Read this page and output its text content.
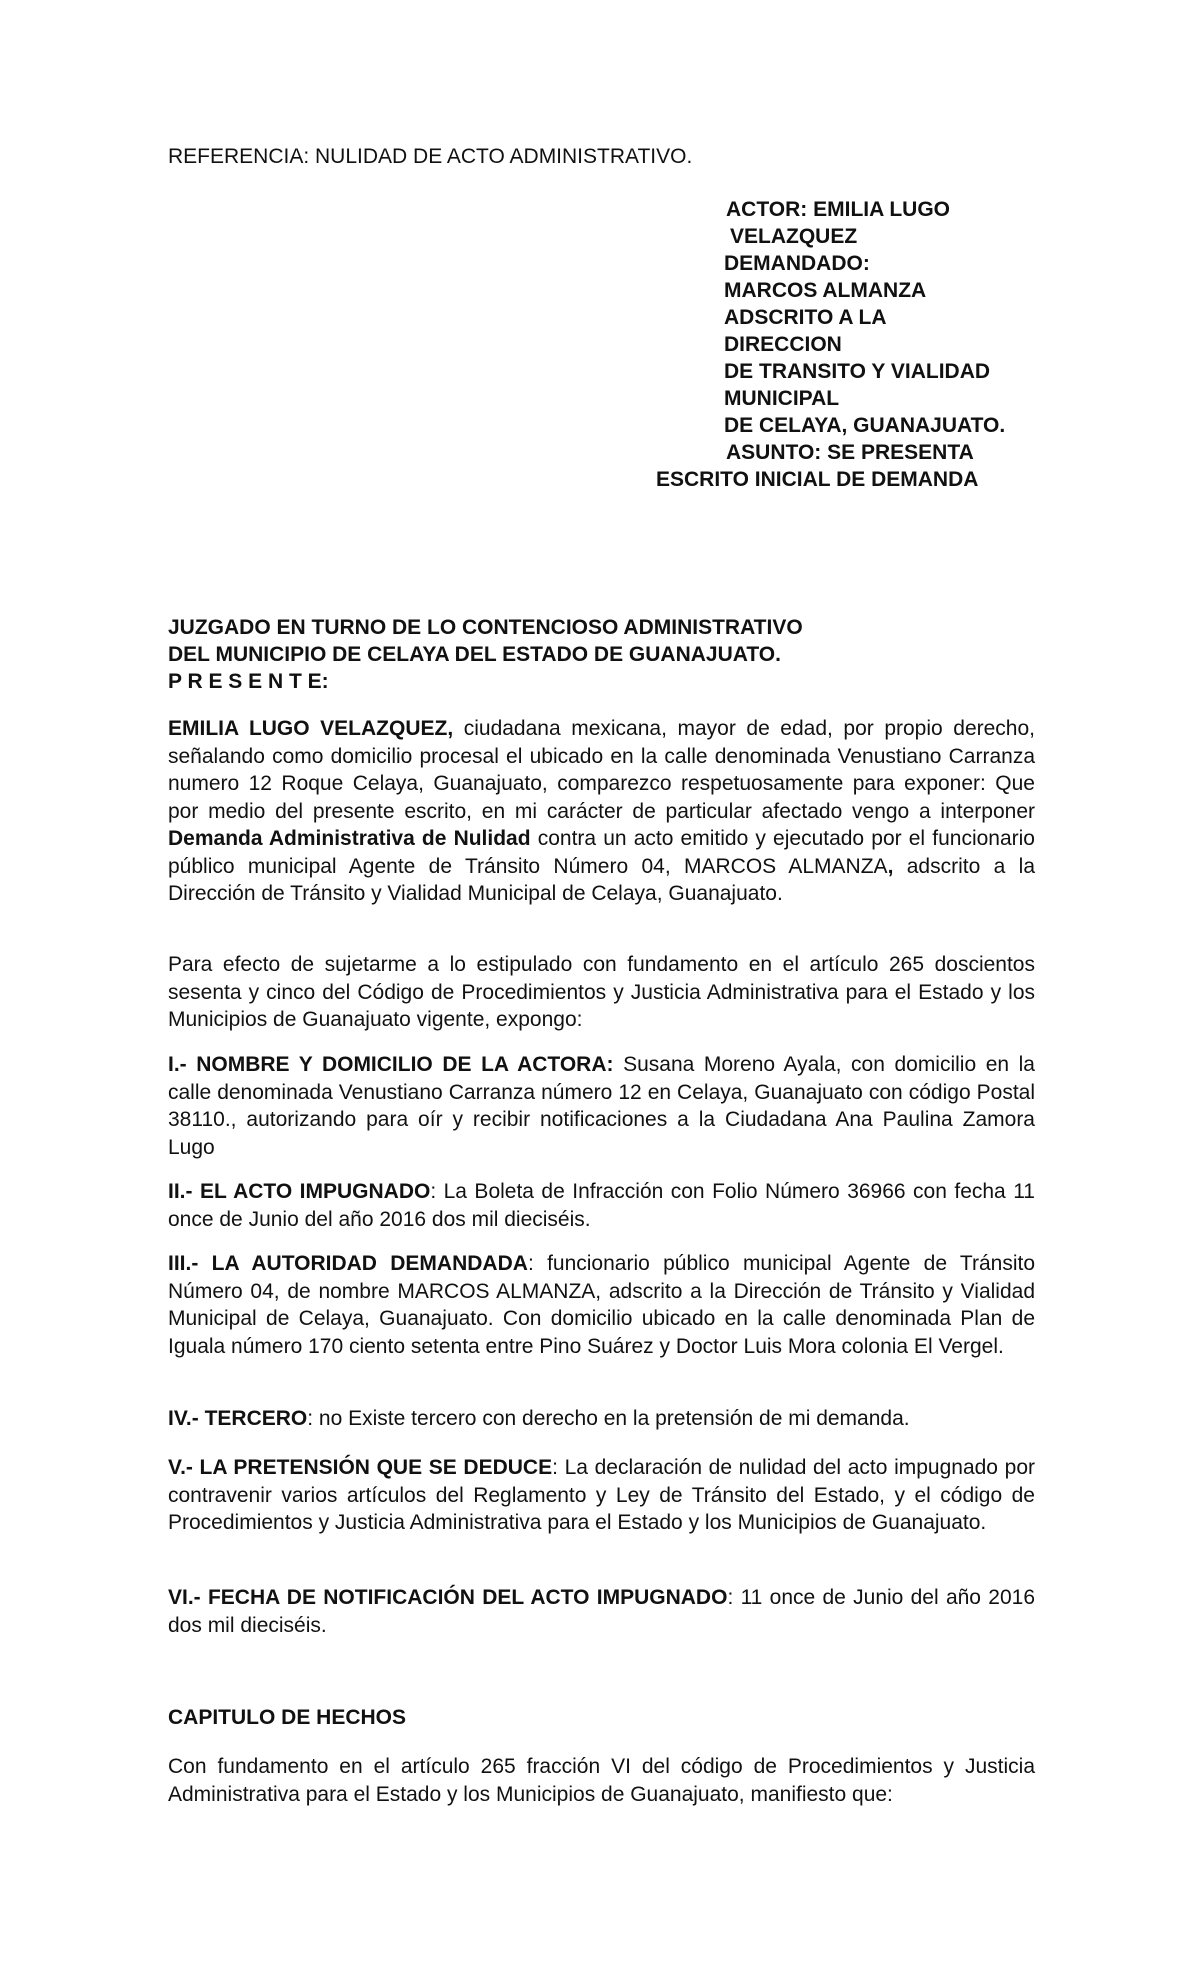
REFERENCIA: NULIDAD DE ACTO ADMINISTRATIVO.
ACTOR: EMILIA LUGO
VELAZQUEZ
DEMANDADO:
MARCOS ALMANZA
ADSCRITO A LA
DIRECCION
DE TRANSITO Y VIALIDAD
MUNICIPAL
DE CELAYA, GUANAJUATO.
ASUNTO: SE PRESENTA
ESCRITO INICIAL DE DEMANDA
JUZGADO EN TURNO DE LO CONTENCIOSO ADMINISTRATIVO
DEL MUNICIPIO DE CELAYA DEL ESTADO DE GUANAJUATO.
P R E S E N T E:
EMILIA LUGO VELAZQUEZ, ciudadana mexicana, mayor de edad, por propio derecho, señalando como domicilio procesal el ubicado en la calle denominada Venustiano Carranza numero 12 Roque Celaya, Guanajuato, comparezco respetuosamente para exponer: Que por medio del presente escrito, en mi carácter de particular afectado vengo a interponer Demanda Administrativa de Nulidad contra un acto emitido y ejecutado por el funcionario público municipal Agente de Tránsito Número 04, MARCOS ALMANZA, adscrito a la Dirección de Tránsito y Vialidad Municipal de Celaya, Guanajuato.
Para efecto de sujetarme a lo estipulado con fundamento en el artículo 265 doscientos sesenta y cinco del Código de Procedimientos y Justicia Administrativa para el Estado y los Municipios de Guanajuato vigente, expongo:
I.- NOMBRE Y DOMICILIO DE LA ACTORA: Susana Moreno Ayala, con domicilio en la calle denominada Venustiano Carranza número 12 en Celaya, Guanajuato con código Postal 38110., autorizando para oír y recibir notificaciones a la Ciudadana Ana Paulina Zamora Lugo
II.- EL ACTO IMPUGNADO: La Boleta de Infracción con Folio Número 36966 con fecha 11 once de Junio del año 2016 dos mil dieciséis.
III.- LA AUTORIDAD DEMANDADA: funcionario público municipal Agente de Tránsito Número 04, de nombre MARCOS ALMANZA, adscrito a la Dirección de Tránsito y Vialidad Municipal de Celaya, Guanajuato. Con domicilio ubicado en la calle denominada Plan de Iguala número 170 ciento setenta entre Pino Suárez y Doctor Luis Mora colonia El Vergel.
IV.- TERCERO: no Existe tercero con derecho en la pretensión de mi demanda.
V.- LA PRETENSIÓN QUE SE DEDUCE: La declaración de nulidad del acto impugnado por contravenir varios artículos del Reglamento y Ley de Tránsito del Estado, y el código de Procedimientos y Justicia Administrativa para el Estado y los Municipios de Guanajuato.
VI.- FECHA DE NOTIFICACIÓN DEL ACTO IMPUGNADO: 11 once de Junio del año 2016 dos mil dieciséis.
CAPITULO DE HECHOS
Con fundamento en el artículo 265 fracción VI del código de Procedimientos y Justicia Administrativa para el Estado y los Municipios de Guanajuato, manifiesto que:
